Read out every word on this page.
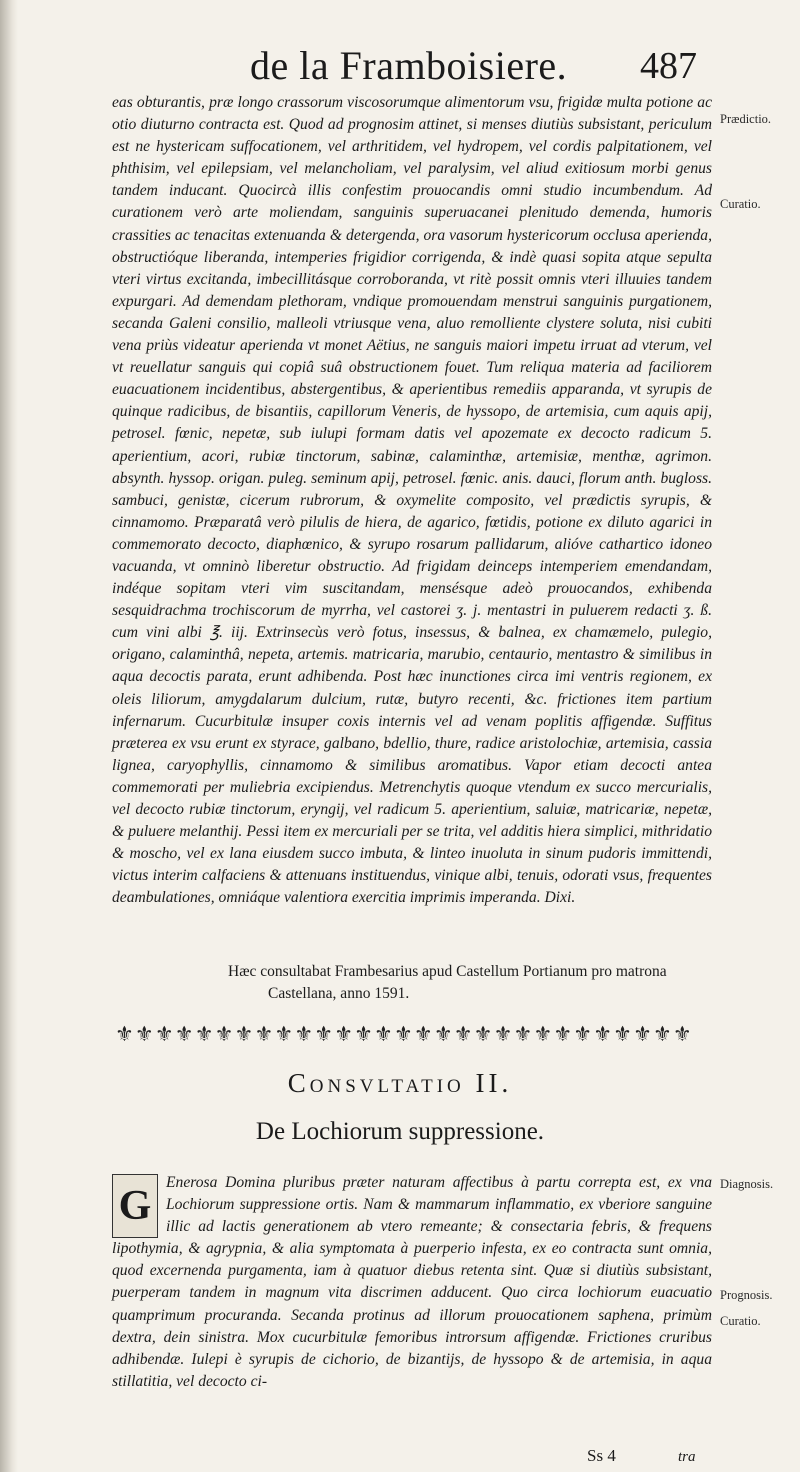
de la Framboisiere. 487
Prædictio.
Curatio.
Diagnosis.
Prognosis.
Curatio.

eas obturantis, præ longo crassorum viscosorumque alimentorum vsu, frigidæ multa potione ac otio diuturno contracta est. Quod ad prognosim attinet, si menses diutiùs subsistant, periculum est ne hystericam suffocationem, vel arthritidem, vel hydropem, vel cordis palpitationem, vel phthisim, vel epilepsiam, vel melancholiam, vel paralysim, vel aliud exitiosum morbi genus tandem inducant. Quocircà illis confestim prouocandis omni studio incumbendum. Ad curationem verò arte moliendam, sanguinis superuacanei plenitudo demenda, humoris crassities ac tenacitas extenuanda & detergenda, ora vasorum hystericorum occlusa aperienda, obstructióque liberanda, intemperies frigidior corrigenda, & indè quasi sopita atque sepulta vteri virtus excitanda, imbecillitásque corroboranda, vt ritè possit omnis vteri illuuies tandem expurgari. Ad demendam plethoram, vndique promouendam menstrui sanguinis purgationem, secanda Galeni consilio, malleoli vtriusque vena, aluo remolliente clystere soluta, nisi cubiti vena priùs videatur aperienda vt monet Aëtius, ne sanguis maiori impetu irruat ad vterum, vel vt reuellatur sanguis qui copiâ suâ obstructionem fouet. Tum reliqua materia ad faciliorem euacuationem incidentibus, abstergentibus, & aperientibus remediis apparanda, vt syrupis de quinque radicibus, de bisantiis, capillorum Veneris, de hyssopo, de artemisia, cum aquis apij, petrosel. fœnic, nepetæ, sub iulupi formam datis vel apozemate ex decocto radicum 5. aperientium, acori, rubiæ tinctorum, sabinæ, calaminthæ, artemisiæ, menthæ, agrimon. absynth. hyssop. origan. puleg. seminum apij, petrosel. fœnic. anis. dauci, florum anth. bugloss. sambuci, genistæ, cicerum rubrorum, & oxymelite composito, vel prædictis syrupis, & cinnamomo. Præparatâ verò pilulis de hiera, de agarico, fœtidis, potione ex diluto agarici in commemorato decocto, diaphœnico, & syrupo rosarum pallidarum, alióve cathartico idoneo vacuanda, vt omninò liberetur obstructio. Ad frigidam deinceps intemperiem emendandam, indéque sopitam vteri vim suscitandam, mensésque adeò prouocandos, exhibenda sesquidrachma trochiscorum de myrrha, vel castorei ʒ. j. mentastri in puluerem redacti ʒ. ß. cum vini albi ℥. iij. Extrinsecùs verò fotus, insessus, & balnea, ex chamæmelo, pulegio, origano, calaminthâ, nepeta, artemis. matricaria, marubio, centaurio, mentastro & similibus in aqua decoctis parata, erunt adhibenda. Post hæc inunctiones circa imi ventris regionem, ex oleis liliorum, amygdalarum dulcium, rutæ, butyro recenti, &c. frictiones item partium infernarum. Cucurbitulæ insuper coxis internis vel ad venam poplitis affigendæ. Suffitus præterea ex vsu erunt ex styrace, galbano, bdellio, thure, radice aristolochiæ, artemisia, cassia lignea, caryophyllis, cinnamomo & similibus aromatibus. Vapor etiam decocti antea commemorati per muliebria excipiendus. Metrenchytis quoque vtendum ex succo mercurialis, vel decocto rubiæ tinctorum, eryngij, vel radicum 5. aperientium, saluiæ, matricariæ, nepetæ, & puluere melanthij. Pessi item ex mercuriali per se trita, vel additis hiera simplici, mithridatio & moscho, vel ex lana eiusdem succo imbuta, & linteo inuoluta in sinum pudoris immittendi, victus interim calfaciens & attenuans instituendus, vinique albi, tenuis, odorati vsus, frequentes deambulationes, omniáque valentiora exercitia imprimis imperanda. Dixi.

Hæc consultabat Frambesarius apud Castellum Portianum pro matrona

Castellana, anno 1591.

⚜⚜⚜⚜⚜⚜⚜⚜⚜⚜⚜⚜⚜⚜⚜⚜⚜⚜⚜⚜⚜⚜⚜⚜⚜⚜⚜⚜⚜
Consvltatio II.
De Lochiorum suppressione.

G
Enerosa Domina pluribus præter naturam affectibus à partu correpta est, ex vna Lochiorum suppressione ortis. Nam & mammarum inflammatio, ex vberiore sanguine illic ad lactis generationem ab vtero remeante; & consectaria febris, & frequens lipothymia, & agrypnia, & alia symptomata à puerperio infesta, ex eo contracta sunt omnia, quod excernenda purgamenta, iam à quatuor diebus retenta sint. Quæ si diutiùs subsistant, puerperam tandem in magnum vita discrimen adducent. Quo circa lochiorum euacuatio quamprimum procuranda. Secanda protinus ad illorum prouocationem saphena, primùm dextra, dein sinistra. Mox cucurbitulæ femoribus introrsum affigendæ. Frictiones cruribus adhibendæ. Iulepi è syrupis de cichorio, de bizantijs, de hyssopo & de artemisia, in aqua stillatitia, vel decocto ci-

Ss 4	tra
